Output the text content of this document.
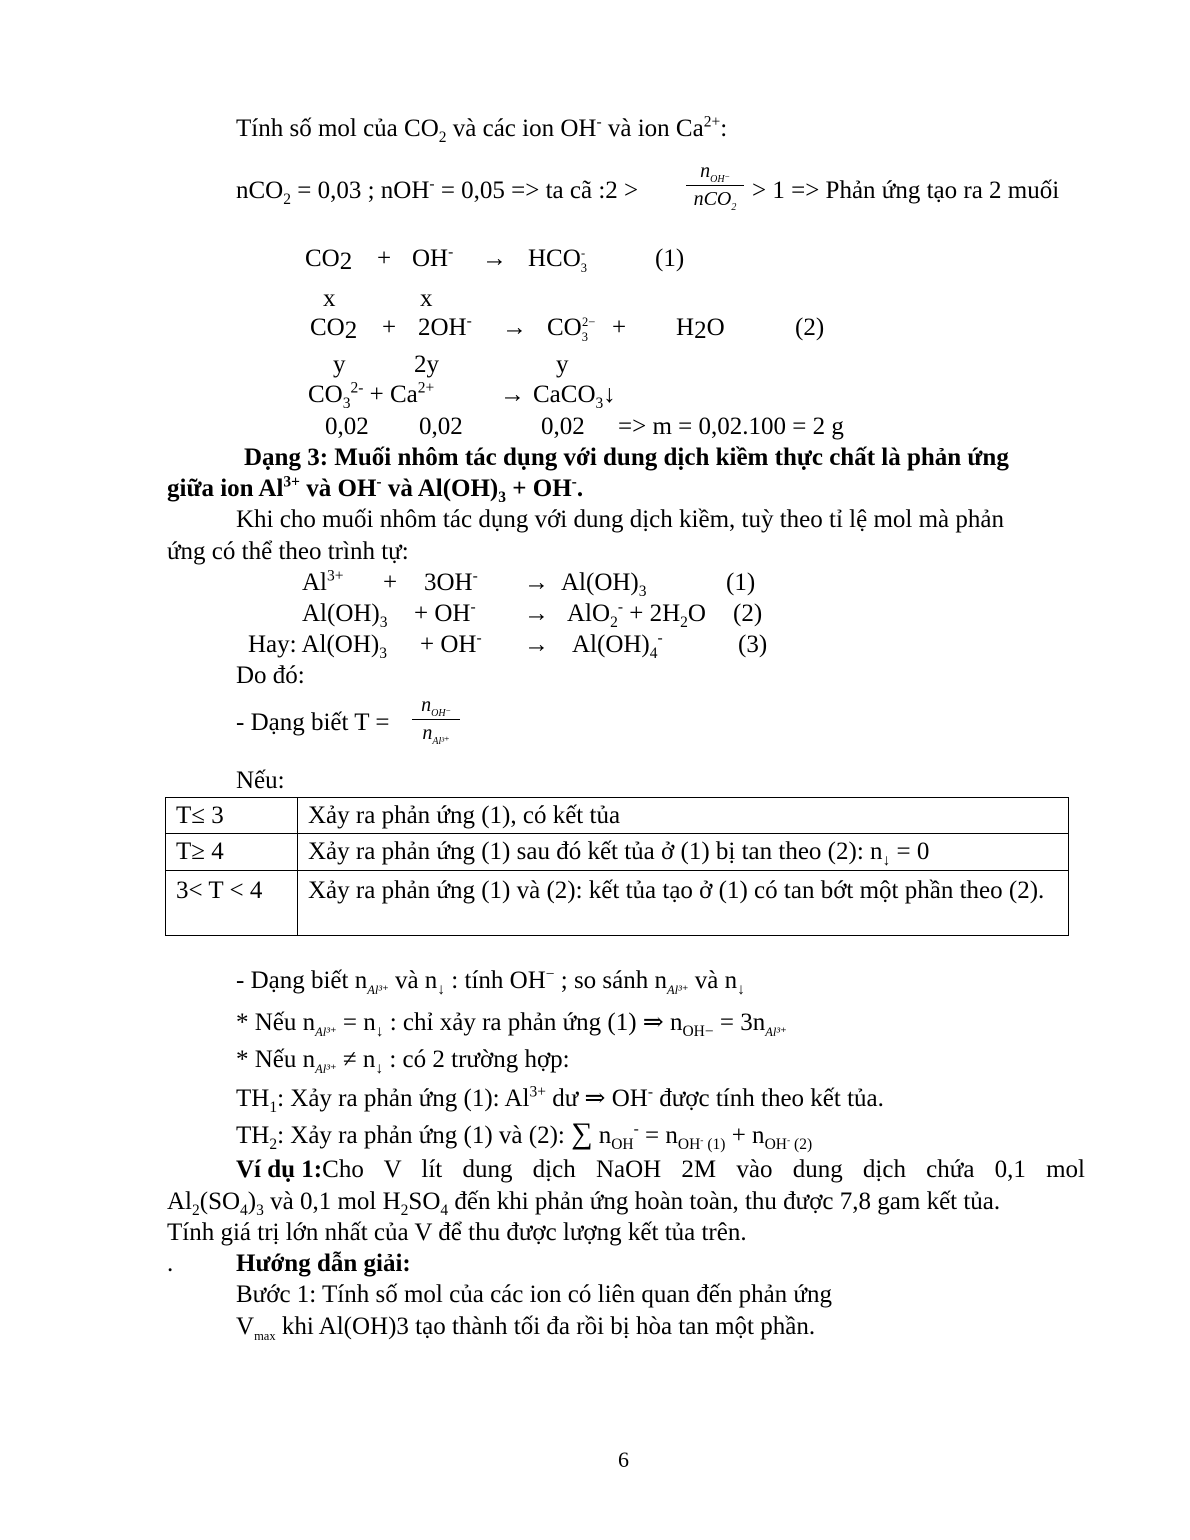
Tính số mol của $CO_2$ và các ion OH- và ion $Ca^{2+}$:
nCO$_2$ = 0,03 ; nOH- = 0,05 => ta cã :2 >
$n_{OH^-}$
nCO$_2$
> 1 => Phản ứng tạo ra 2 muối
$CO2 + OH^- \to HCO_3^-$	(1)
x	x
$CO2 + 2OH^- \to CO_3^{2-} + H2O$	(2)
y	2y	y
$CO_3^{2-} + Ca^{2+}$	→ CaCO$_3$↓
0,02 0,02	0,02 => m = 0,02.100 = 2 g
Dạng 3: Muối nhôm tác dụng với dung dịch kiềm thực chất là phản ứng
giữa ion $Al^{3+}$ và OH- và $Al(OH)_3 + OH^-$.
Khi cho muối nhôm tác dụng với dung dịch kiềm, tuỳ theo tỉ lệ mol mà phản
ứng có thể theo trình tự:
$Al^{3+} + 3OH^- \to Al(OH)_3$	(1)
$Al(OH)_3 + OH^- \to AlO_2^- + 2H_2O$ (2)
Hay: $Al(OH)_3 + OH^- \to Al(OH)_4^-$	(3)
Do đó:
- Dạng biết T =
$n_{OH^-}$
$n_{Al^{3+}}$
Nếu:
T≤ 3	Xảy ra phản ứng (1), có kết tủa
T≥ 4	Xảy ra phản ứng (1) sau đó kết tủa ở (1) bị tan theo (2): $n_↓ = 0$
3< T < 4	Xảy ra phản ứng (1) và (2): kết tủa tạo ở (1) có tan bớt một phần theo (2).
- Dạng biết $n_{Al^{3+}}$ và $n_↓$ : tính OH− ; so sánh $n_{Al^{3+}}$ và $n_↓$
* Nếu $n_{Al^{3+}} = n_↓$ : chỉ xảy ra phản ứng (1) ⇒ $n_{OH-} = 3n_{Al^{3+}}$
* Nếu $n_{Al^{3+}} \ne n_↓$ : có 2 trường hợp:
$TH_1$: Xảy ra phản ứng (1): $Al^{3+}$ dư ⇒ OH- được tính theo kết tủa.
$TH_2$: Xảy ra phản ứng (1) và (2): ∑ $n_{OH}^- = n_{OH^- (1)} + n_{OH^- (2)}$
Ví dụ 1: Cho V lít dung dịch NaOH 2M vào dung dịch chứa 0,1 mol
$Al_2(SO_4)_3$ và 0,1 mol $H_2SO_4$ đến khi phản ứng hoàn toàn, thu được 7,8 gam kết tủa.
Tính giá trị lớn nhất của V để thu được lượng kết tủa trên.
.	Hướng dẫn giải:
Bước 1: Tính số mol của các ion có liên quan đến phản ứng
$V_{max}$ khi Al(OH)3 tạo thành tối đa rồi bị hòa tan một phần.
6
